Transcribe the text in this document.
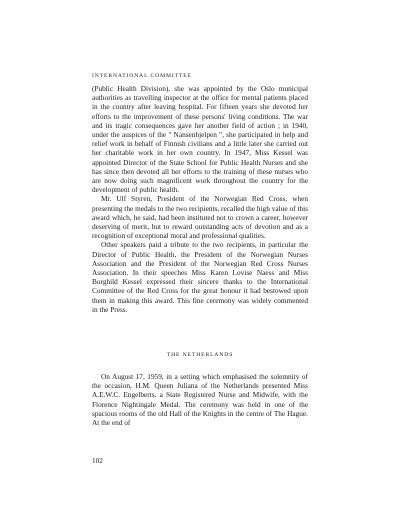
INTERNATIONAL COMMITTEE

(Public Health Division), she was appointed by the Oslo municipal authorities as travelling inspector at the office for mental patients placed in the country after leaving hospital. For fifteen years she devoted her efforts to the improvement of these persons' living conditions. The war and its tragic consequences gave her another field of action ; in 1940, under the auspices of the " Nansenhjelpen ", she participated in help and relief work in behalf of Finnish civilians and a little later she carried out her charitable work in her own country. In 1947, Miss Kessel was appointed Director of the State School for Public Health Nurses and she has since then devoted all her efforts to the training of these nurses who are now doing such magnificent work throughout the country for the development of public health.

Mr. Ulf Styren, President of the Norwegian Red Cross, when presenting the medals to the two recipients, recalled the high value of this award which, he said, had been instituted not to crown a career, however deserving of merit, but to reward outstanding acts of devotion and as a recognition of exceptional moral and professional qualities.

Other speakers paid a tribute to the two recipients, in particular the Director of Public Health, the President of the Norwegian Nurses Association and the President of the Norwegian Red Cross Nurses Association. In their speeches Miss Karen Lovise Naess and Miss Borghild Kessel expressed their sincere thanks to the International Committee of the Red Cross for the great honour it had bestowed upon them in making this award. This fine ceremony was widely commented in the Press.

THE NETHERLANDS

On August 17, 1959, in a setting which emphasised the solemnity of the occasion, H.M. Queen Juliana of the Netherlands presented Miss A.E.W.C. Engelberts, a State Registered Nurse and Midwife, with the Florence Nightingale Medal. The ceremony was held in one of the spacious rooms of the old Hall of the Knights in the centre of The Hague. At the end of

102
